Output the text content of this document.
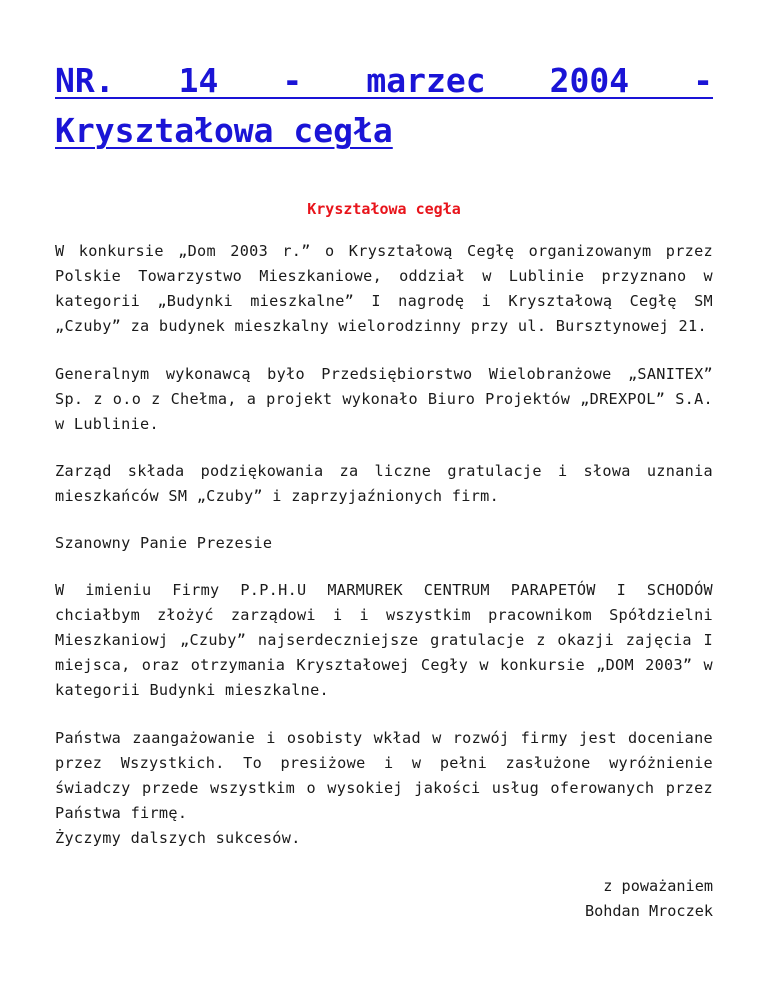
NR. 14 - marzec 2004 -
Kryształowa cegła
Kryształowa cegła

W konkursie „Dom 2003 r.” o Kryształową Cegłę organizowanym przez Polskie Towarzystwo Mieszkaniowe, oddział w Lublinie przyznano w kategorii „Budynki mieszkalne” I nagrodę i Kryształową Cegłę SM „Czuby” za budynek mieszkalny wielorodzinny przy ul. Bursztynowej 21.

Generalnym wykonawcą było Przedsiębiorstwo Wielobranżowe „SANITEX” Sp. z o.o z Chełma, a projekt wykonało Biuro Projektów „DREXPOL” S.A. w Lublinie.

Zarząd składa podziękowania za liczne gratulacje i słowa uznania mieszkańców SM „Czuby” i zaprzyjaźnionych firm.

Szanowny Panie Prezesie

W imieniu Firmy P.P.H.U MARMUREK CENTRUM PARAPETÓW I SCHODÓW chciałbym złożyć zarządowi i i wszystkim pracownikom Spółdzielni Mieszkaniowj „Czuby” najserdeczniejsze gratulacje z okazji zajęcia I miejsca, oraz otrzymania Kryształowej Cegły w konkursie „DOM 2003” w kategorii Budynki mieszkalne.

Państwa zaangażowanie i osobisty wkład w rozwój firmy jest doceniane przez Wszystkich. To presiżowe i w pełni zasłużone wyróżnienie świadczy przede wszystkim o wysokiej jakości usług oferowanych przez Państwa firmę.

Życzymy dalszych sukcesów.

z poważaniem
Bohdan Mroczek
